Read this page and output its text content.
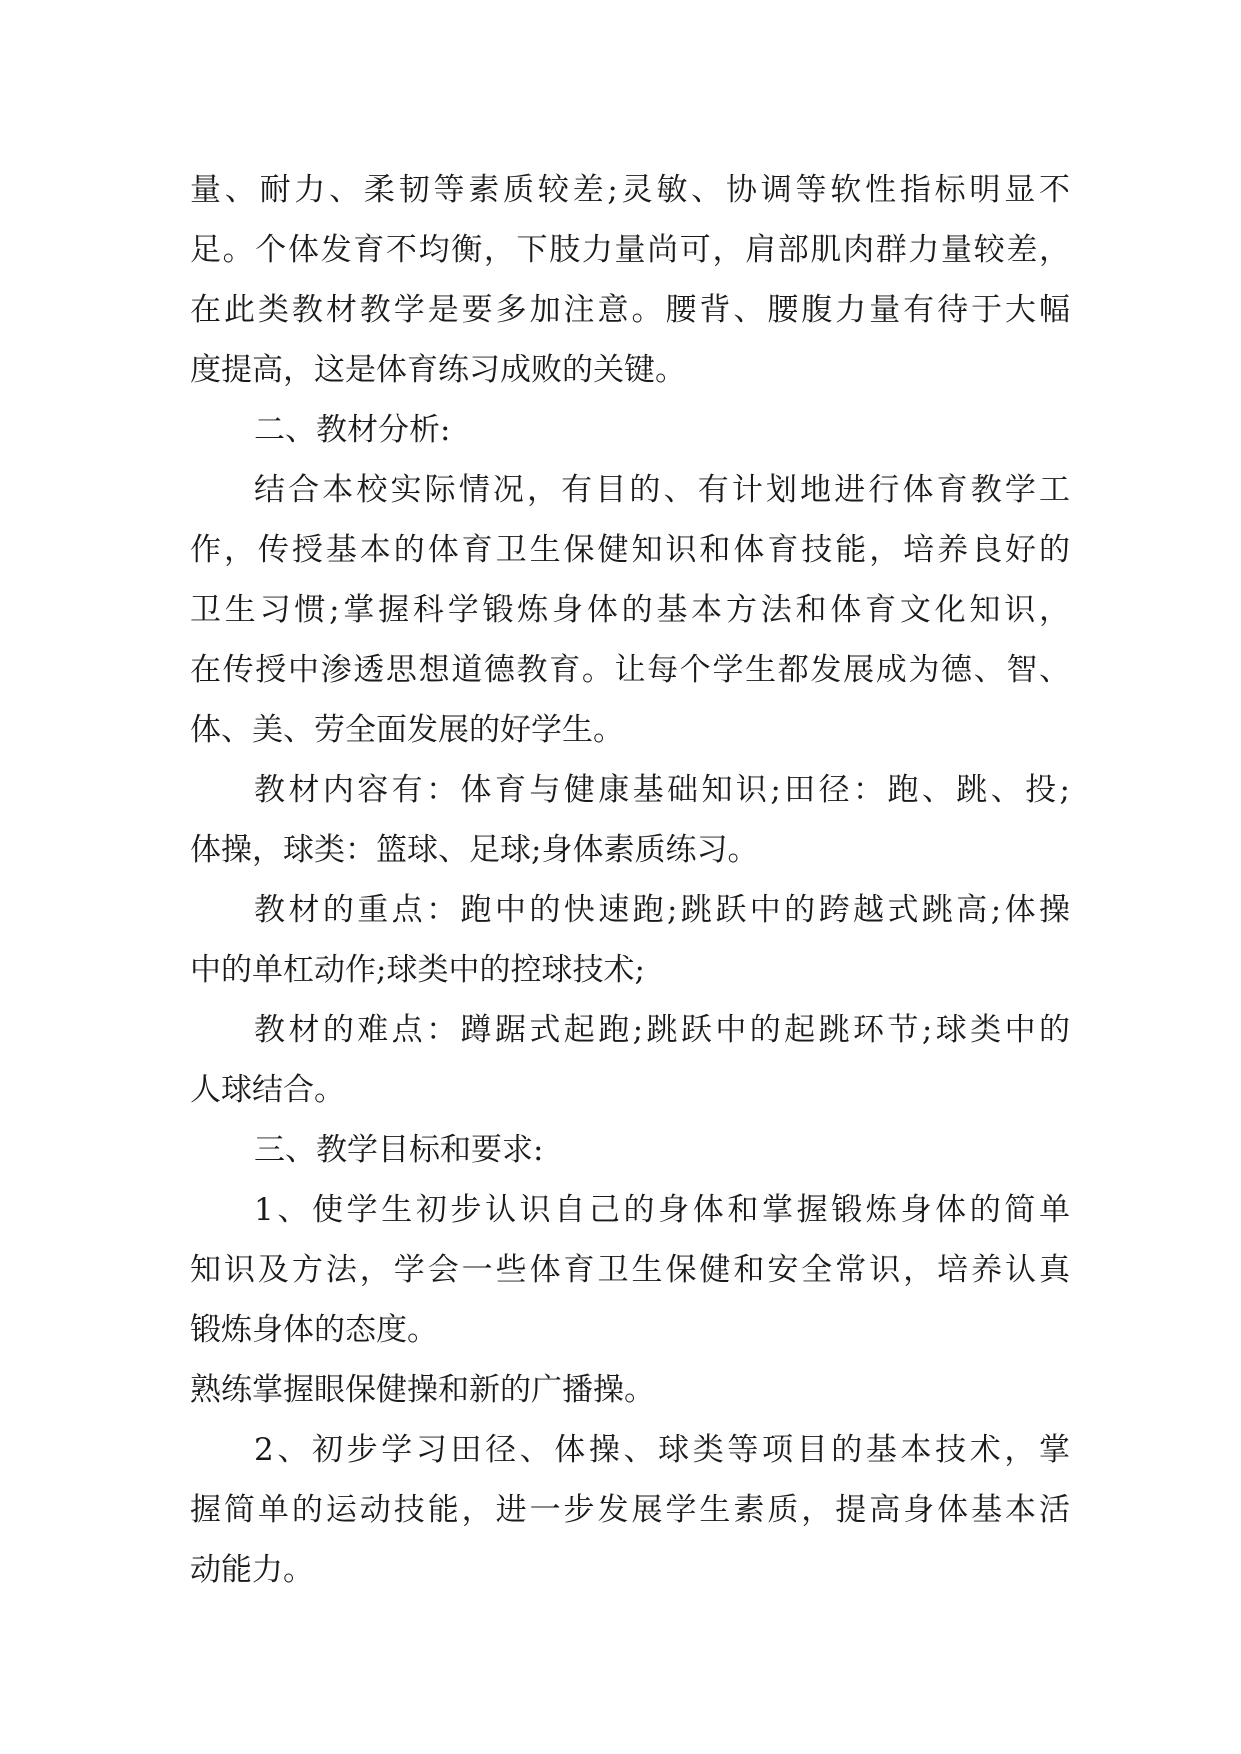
量、耐力、柔韧等素质较差;灵敏、协调等软性指标明显不
足。个体发育不均衡，下肢力量尚可，肩部肌肉群力量较差，
在此类教材教学是要多加注意。腰背、腰腹力量有待于大幅
度提高，这是体育练习成败的关键。
二、教材分析:
结合本校实际情况，有目的、有计划地进行体育教学工
作，传授基本的体育卫生保健知识和体育技能，培养良好的
卫生习惯;掌握科学锻炼身体的基本方法和体育文化知识，
在传授中渗透思想道德教育。让每个学生都发展成为德、智、
体、美、劳全面发展的好学生。
教材内容有：体育与健康基础知识;田径：跑、跳、投;
体操，球类：篮球、足球;身体素质练习。
教材的重点：跑中的快速跑;跳跃中的跨越式跳高;体操
中的单杠动作;球类中的控球技术;
教材的难点：蹲踞式起跑;跳跃中的起跳环节;球类中的
人球结合。
三、教学目标和要求:
1、使学生初步认识自己的身体和掌握锻炼身体的简单
知识及方法，学会一些体育卫生保健和安全常识，培养认真
锻炼身体的态度。
熟练掌握眼保健操和新的广播操。
2、初步学习田径、体操、球类等项目的基本技术，掌
握简单的运动技能，进一步发展学生素质，提高身体基本活
动能力。
